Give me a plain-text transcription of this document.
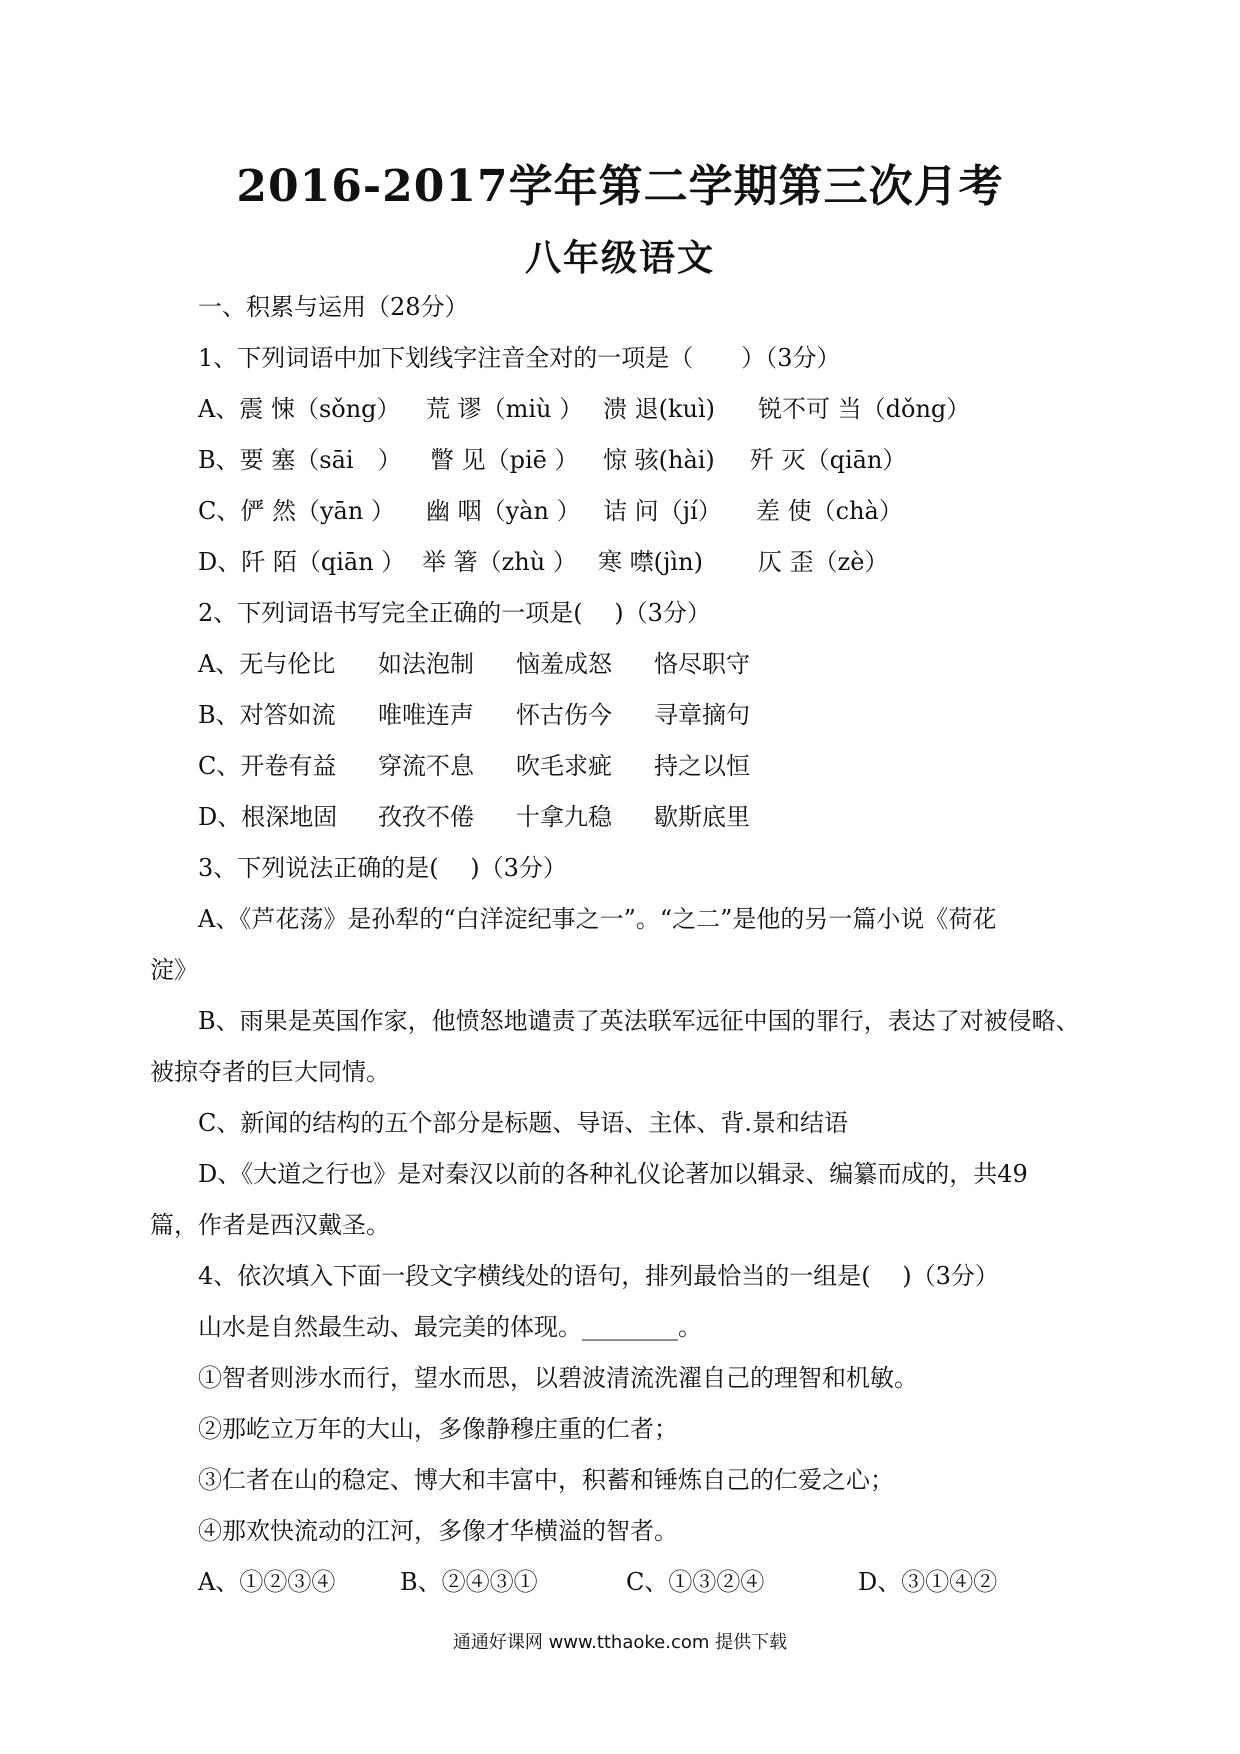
2016-2017学年第二学期第三次月考
八年级语文
一、积累与运用（28分）
1、下列词语中加下划线字注音全对的一项是（　　）（3分）
A、震 悚（sǒng） 荒 谬（miù ） 溃 退(kuì) 锐不可 当（dǒng）
B、要 塞（sāi　） 瞥 见（piē ） 惊 骇(hài) 歼 灭（qiān）
C、俨 然（yān ） 幽 咽（yàn ） 诘 问（jí） 差 使（chà）
D、阡 陌（qiān ） 举 箸（zhù ） 寒 噤(jìn) 仄 歪（zè）
2、下列词语书写完全正确的一项是(　 )（3分）
A、无与伦比 如法泡制 恼羞成怒 恪尽职守
B、对答如流 唯唯连声 怀古伤今 寻章摘句
C、开卷有益 穿流不息 吹毛求疵 持之以恒
D、根深地固 孜孜不倦 十拿九稳 歇斯底里
3、下列说法正确的是(　 )（3分）
A、《芦花荡》是孙犁的“白洋淀纪事之一”。“之二”是他的另一篇小说《荷花
淀》
B、雨果是英国作家，他愤怒地谴责了英法联军远征中国的罪行，表达了对被侵略、
被掠夺者的巨大同情。
C、新闻的结构的五个部分是标题、导语、主体、背.景和结语
D、《大道之行也》是对秦汉以前的各种礼仪论著加以辑录、编纂而成的，共49
篇，作者是西汉戴圣。
4、依次填入下面一段文字横线处的语句，排列最恰当的一组是(　 )（3分）
山水是自然最生动、最完美的体现。________。
①智者则涉水而行，望水而思，以碧波清流洗濯自己的理智和机敏。
②那屹立万年的大山，多像静穆庄重的仁者；
③仁者在山的稳定、博大和丰富中，积蓄和锤炼自己的仁爱之心；
④那欢快流动的江河，多像才华横溢的智者。
A、①②③④	B、②④③①	C、①③②④	D、③①④②
通通好课网 www.tthaoke.com 提供下载
